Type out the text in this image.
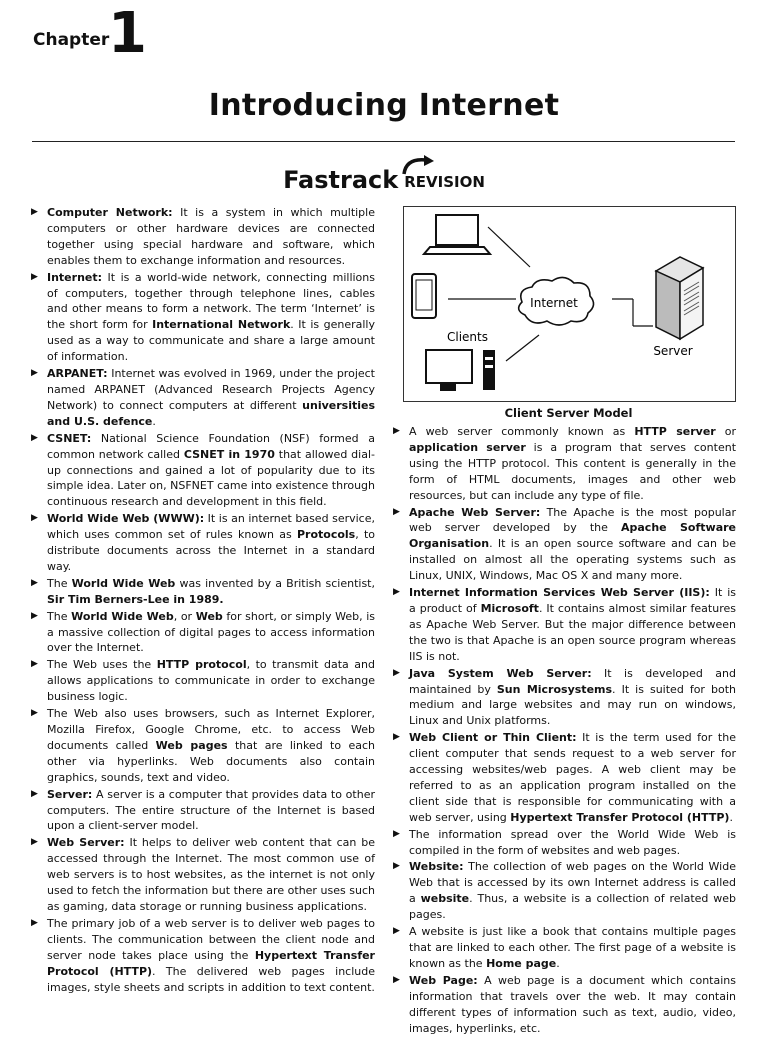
Chapter
1
Introducing Internet
Fastrack REVISION
▶ Computer Network: It is a system in which multiple computers or other hardware devices are connected together using special hardware and software, which enables them to exchange information and resources.
▶ Internet: It is a world-wide network, connecting millions of computers, together through telephone lines, cables and other means to form a network. The term ‘Internet’ is the short form for International Network. It is generally used as a way to communicate and share a large amount of information.
▶ ARPANET: Internet was evolved in 1969, under the project named ARPANET (Advanced Research Projects Agency Network) to connect computers at different universities and U.S. defence.
▶ CSNET: National Science Foundation (NSF) formed a common network called CSNET in 1970 that allowed dial-up connections and gained a lot of popularity due to its simple idea. Later on, NSFNET came into existence through continuous research and development in this field.
▶ World Wide Web (WWW): It is an internet based service, which uses common set of rules known as Protocols, to distribute documents across the Internet in a standard way.
▶ The World Wide Web was invented by a British scientist, Sir Tim Berners-Lee in 1989.
▶ The World Wide Web, or Web for short, or simply Web, is a massive collection of digital pages to access information over the Internet.
▶ The Web uses the HTTP protocol, to transmit data and allows applications to communicate in order to exchange business logic.
▶ The Web also uses browsers, such as Internet Explorer, Mozilla Firefox, Google Chrome, etc. to access Web documents called Web pages that are linked to each other via hyperlinks. Web documents also contain graphics, sounds, text and video.
▶ Server: A server is a computer that provides data to other computers. The entire structure of the Internet is based upon a client-server model.
▶ Web Server: It helps to deliver web content that can be accessed through the Internet. The most common use of web servers is to host websites, as the internet is not only used to fetch the information but there are other uses such as gaming, data storage or running business applications.
▶ The primary job of a web server is to deliver web pages to clients. The communication between the client node and server node takes place using the Hypertext Transfer Protocol (HTTP). The delivered web pages include images, style sheets and scripts in addition to text content.
Internet
Clients
Server
Client Server Model
▶ A web server commonly known as HTTP server or application server is a program that serves content using the HTTP protocol. This content is generally in the form of HTML documents, images and other web resources, but can include any type of file.
▶ Apache Web Server: The Apache is the most popular web server developed by the Apache Software Organisation. It is an open source software and can be installed on almost all the operating systems such as Linux, UNIX, Windows, Mac OS X and many more.
▶ Internet Information Services Web Server (IIS): It is a product of Microsoft. It contains almost similar features as Apache Web Server. But the major difference between the two is that Apache is an open source program whereas IIS is not.
▶ Java System Web Server: It is developed and maintained by Sun Microsystems. It is suited for both medium and large websites and may run on windows, Linux and Unix platforms.
▶ Web Client or Thin Client: It is the term used for the client computer that sends request to a web server for accessing websites/web pages. A web client may be referred to as an application program installed on the client side that is responsible for communicating with a web server, using Hypertext Transfer Protocol (HTTP).
▶ The information spread over the World Wide Web is compiled in the form of websites and web pages.
▶ Website: The collection of web pages on the World Wide Web that is accessed by its own Internet address is called a website. Thus, a website is a collection of related web pages.
▶ A website is just like a book that contains multiple pages that are linked to each other. The first page of a website is known as the Home page.
▶ Web Page: A web page is a document which contains information that travels over the web. It may contain different types of information such as text, audio, video, images, hyperlinks, etc.
